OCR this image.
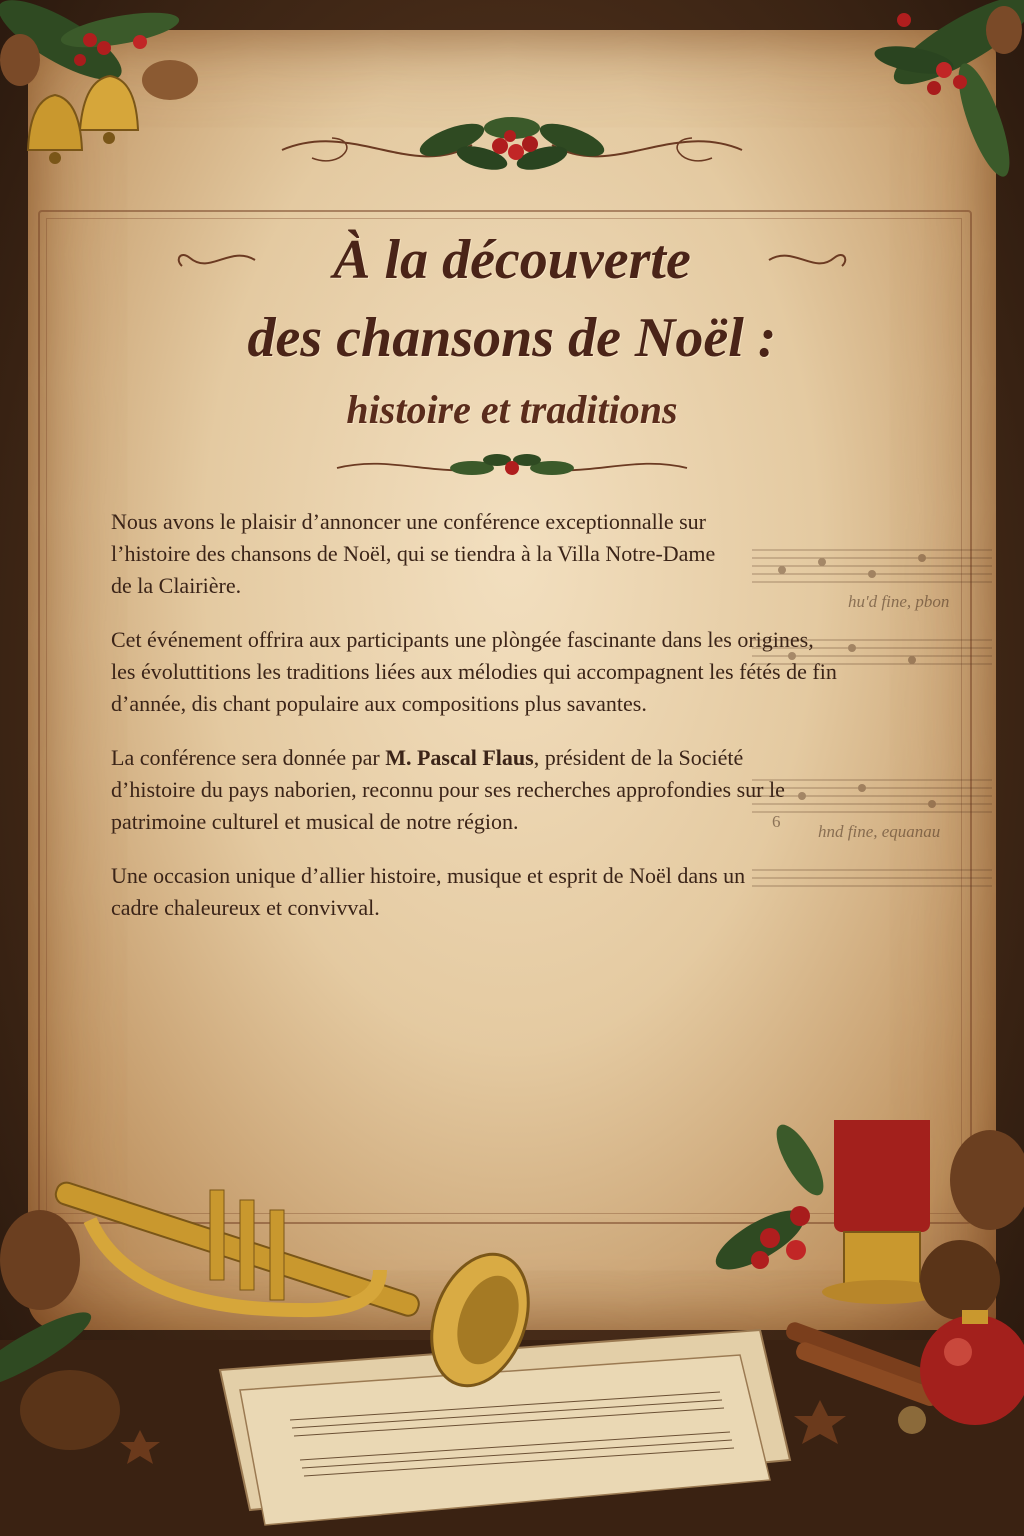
À la découverte
des chansons de Noël :
histoire et traditions
hu'd fine, pbon
6
hnd fine, equanau

Nous avons le plaisir d’annoncer une conférence exceptionnalle sur l’histoire des chansons de Noël, qui se tiendra à la Villa Notre-Dame de la Clairière.

Cet événement offrira aux participants une plòngée fascinante dans les origines, les évoluttitions les traditions liées aux mélodies qui accompagnent les fétés de fin d’année, dis chant populaire aux compositions plus savantes.

La conférence sera donnée par M. Pascal Flaus, président de la Société d’histoire du pays naborien, reconnu pour ses recherches approfondies sur le patrimoine culturel et musical de notre région.

Une occasion unique d’allier histoire, musique et esprit de Noël dans un cadre chaleureux et convivval.
